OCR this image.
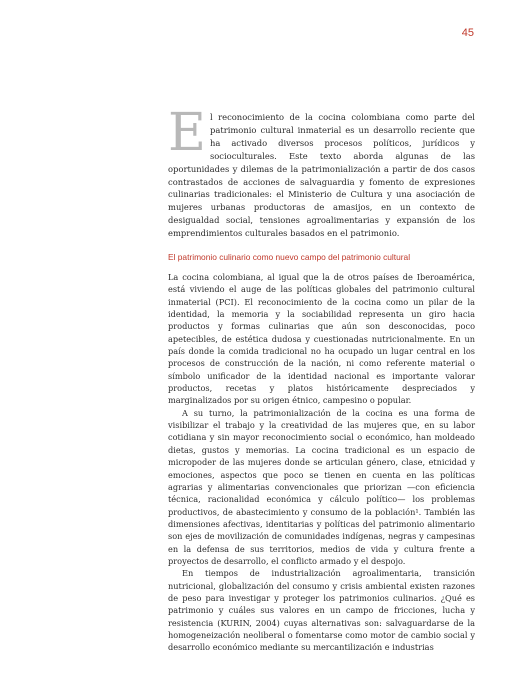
45
E l reconocimiento de la cocina colombiana como parte del patrimonio cultural inmaterial es un desarrollo reciente que ha activado diversos procesos políticos, jurídicos y socioculturales. Este texto aborda algunas de las oportunidades y dilemas de la patrimonialización a partir de dos casos contrastados de acciones de salvaguardia y fomento de expresiones culinarias tradicionales: el Ministerio de Cultura y una asociación de mujeres urbanas productoras de amasijos, en un contexto de desigualdad social, tensiones agroalimentarias y expansión de los emprendimientos culturales basados en el patrimonio.

El patrimonio culinario como nuevo campo del patrimonio cultural

La cocina colombiana, al igual que la de otros países de Iberoamérica, está viviendo el auge de las políticas globales del patrimonio cultural inmaterial (PCI). El reconocimiento de la cocina como un pilar de la identidad, la memoria y la sociabilidad representa un giro hacia productos y formas culinarias que aún son desconocidas, poco apetecibles, de estética dudosa y cuestionadas nutricionalmente. En un país donde la comida tradicional no ha ocupado un lugar central en los procesos de construcción de la nación, ni como referente material o símbolo unificador de la identidad nacional es importante valorar productos, recetas y platos históricamente despreciados y marginalizados por su origen étnico, campesino o popular.

A su turno, la patrimonialización de la cocina es una forma de visibilizar el trabajo y la creatividad de las mujeres que, en su labor cotidiana y sin mayor reconocimiento social o económico, han moldeado dietas, gustos y memorias. La cocina tradicional es un espacio de micropoder de las mujeres donde se articulan género, clase, etnicidad y emociones, aspectos que poco se tienen en cuenta en las políticas agrarias y alimentarias convencionales que priorizan —con eficiencia técnica, racionalidad económica y cálculo político— los problemas productivos, de abastecimiento y consumo de la población¹. También las dimensiones afectivas, identitarias y políticas del patrimonio alimentario son ejes de movilización de comunidades indígenas, negras y campesinas en la defensa de sus territorios, medios de vida y cultura frente a proyectos de desarrollo, el conflicto armado y el despojo.

En tiempos de industrialización agroalimentaria, transición nutricional, globalización del consumo y crisis ambiental existen razones de peso para investigar y proteger los patrimonios culinarios. ¿Qué es patrimonio y cuáles sus valores en un campo de fricciones, lucha y resistencia (KURIN, 2004) cuyas alternativas son: salvaguardarse de la homogeneización neoliberal o fomentarse como motor de cambio social y desarrollo económico mediante su mercantilización e industrias
